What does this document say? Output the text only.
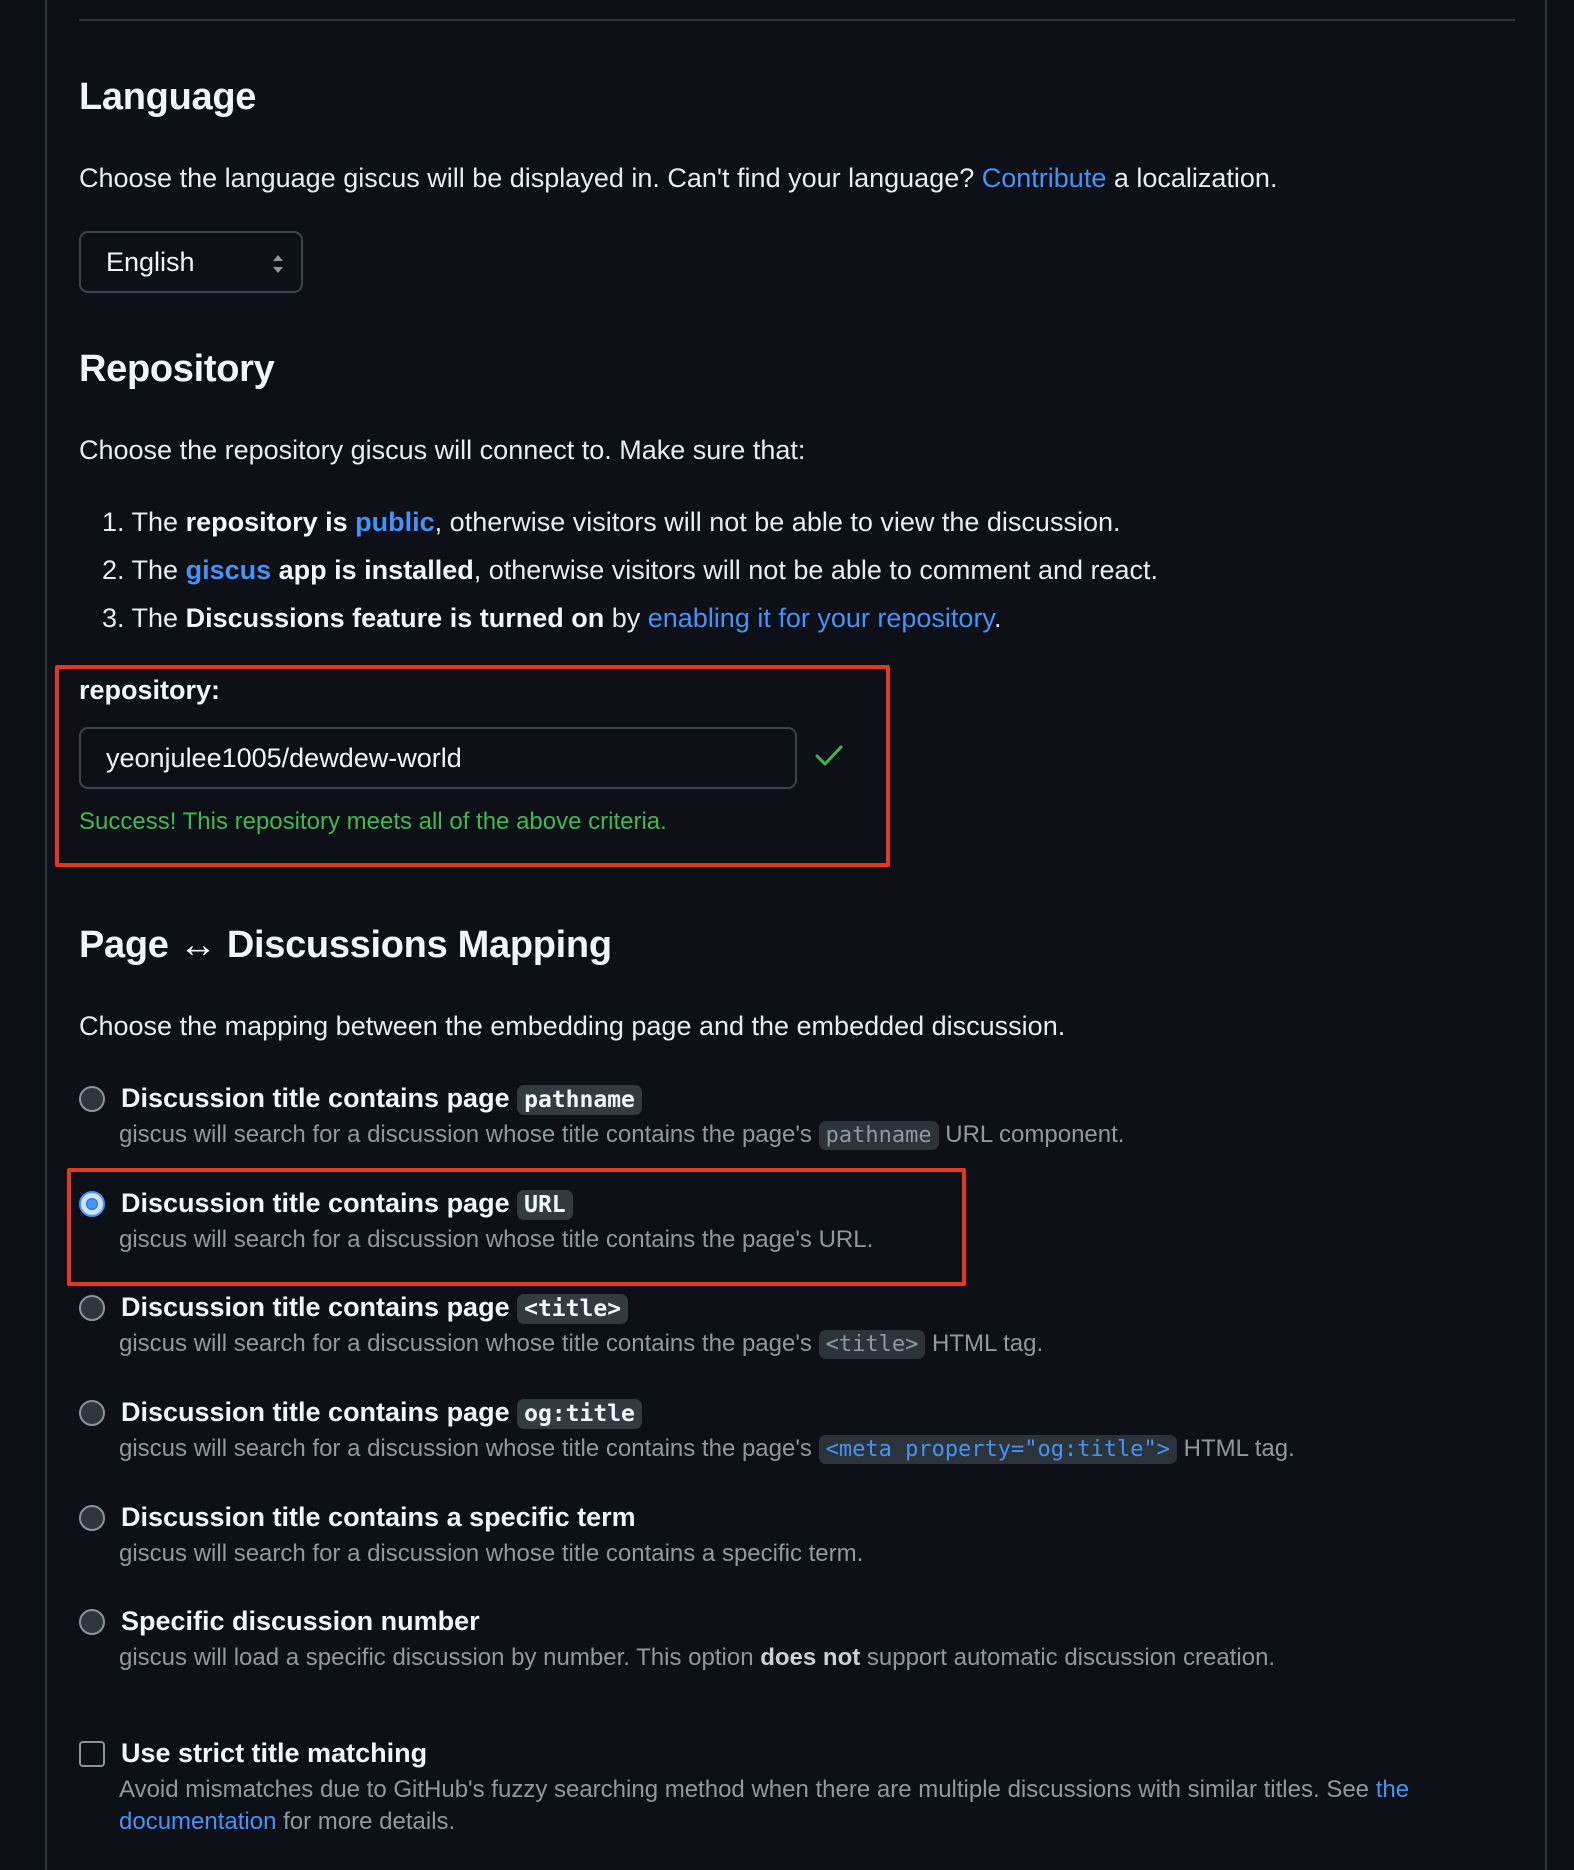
Language
Choose the language giscus will be displayed in. Can't find your language? Contribute a localization.
English
Repository
Choose the repository giscus will connect to. Make sure that:
1. The repository is public, otherwise visitors will not be able to view the discussion.
2. The giscus app is installed, otherwise visitors will not be able to comment and react.
3. The Discussions feature is turned on by enabling it for your repository.
repository:
yeonjulee1005/dewdew-world
Success! This repository meets all of the above criteria.
Page ↔ Discussions Mapping
Choose the mapping between the embedding page and the embedded discussion.
Discussion title contains page pathname
giscus will search for a discussion whose title contains the page's pathname URL component.
Discussion title contains page URL
giscus will search for a discussion whose title contains the page's URL.
Discussion title contains page <title>
giscus will search for a discussion whose title contains the page's <title> HTML tag.
Discussion title contains page og:title
giscus will search for a discussion whose title contains the page's <meta property="og:title"> HTML tag.
Discussion title contains a specific term
giscus will search for a discussion whose title contains a specific term.
Specific discussion number
giscus will load a specific discussion by number. This option does not support automatic discussion creation.
Use strict title matching
Avoid mismatches due to GitHub's fuzzy searching method when there are multiple discussions with similar titles. See the
documentation for more details.
